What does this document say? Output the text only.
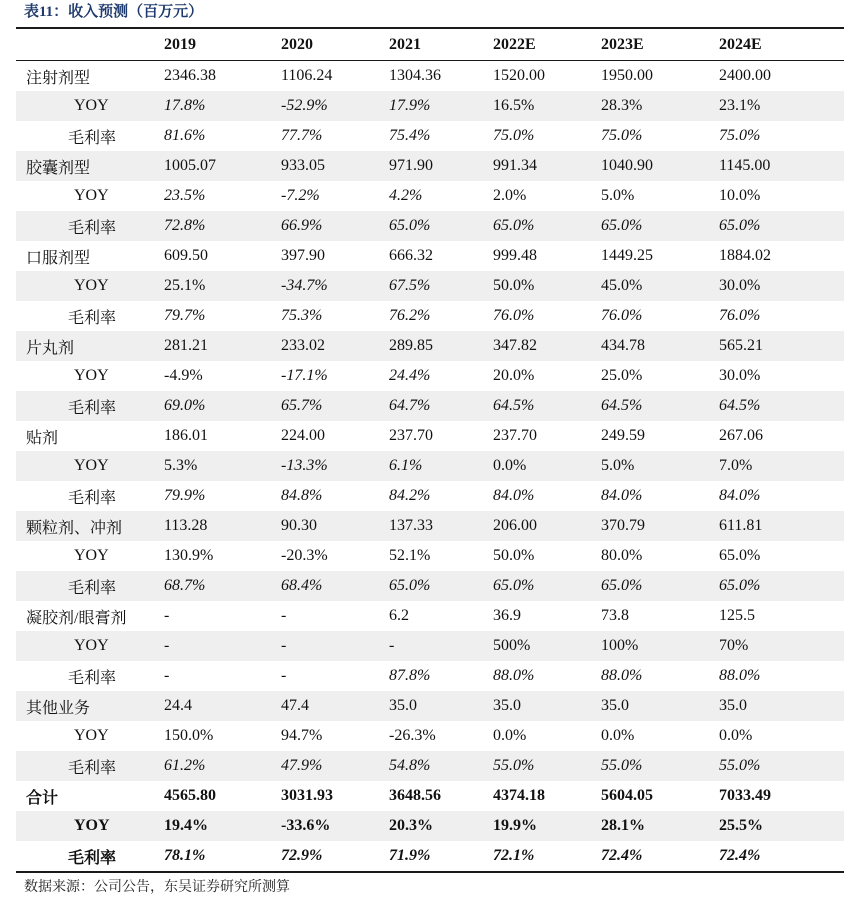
表11：收入预测（百万元）
	2019	2020	2021	2022E	2023E	2024E
注射剂型	2346.38	1106.24	1304.36	1520.00	1950.00	2400.00
YOY	17.8%	-52.9%	17.9%	16.5%	28.3%	23.1%
毛利率	81.6%	77.7%	75.4%	75.0%	75.0%	75.0%
胶囊剂型	1005.07	933.05	971.90	991.34	1040.90	1145.00
YOY	23.5%	-7.2%	4.2%	2.0%	5.0%	10.0%
毛利率	72.8%	66.9%	65.0%	65.0%	65.0%	65.0%
口服剂型	609.50	397.90	666.32	999.48	1449.25	1884.02
YOY	25.1%	-34.7%	67.5%	50.0%	45.0%	30.0%
毛利率	79.7%	75.3%	76.2%	76.0%	76.0%	76.0%
片丸剂	281.21	233.02	289.85	347.82	434.78	565.21
YOY	-4.9%	-17.1%	24.4%	20.0%	25.0%	30.0%
毛利率	69.0%	65.7%	64.7%	64.5%	64.5%	64.5%
贴剂	186.01	224.00	237.70	237.70	249.59	267.06
YOY	5.3%	-13.3%	6.1%	0.0%	5.0%	7.0%
毛利率	79.9%	84.8%	84.2%	84.0%	84.0%	84.0%
颗粒剂、冲剂	113.28	90.30	137.33	206.00	370.79	611.81
YOY	130.9%	-20.3%	52.1%	50.0%	80.0%	65.0%
毛利率	68.7%	68.4%	65.0%	65.0%	65.0%	65.0%
凝胶剂/眼膏剂	-	-	6.2	36.9	73.8	125.5
YOY	-	-	-	500%	100%	70%
毛利率	-	-	87.8%	88.0%	88.0%	88.0%
其他业务	24.4	47.4	35.0	35.0	35.0	35.0
YOY	150.0%	94.7%	-26.3%	0.0%	0.0%	0.0%
毛利率	61.2%	47.9%	54.8%	55.0%	55.0%	55.0%
合计	4565.80	3031.93	3648.56	4374.18	5604.05	7033.49
YOY	19.4%	-33.6%	20.3%	19.9%	28.1%	25.5%
毛利率	78.1%	72.9%	71.9%	72.1%	72.4%	72.4%
数据来源：公司公告，东吴证券研究所测算
